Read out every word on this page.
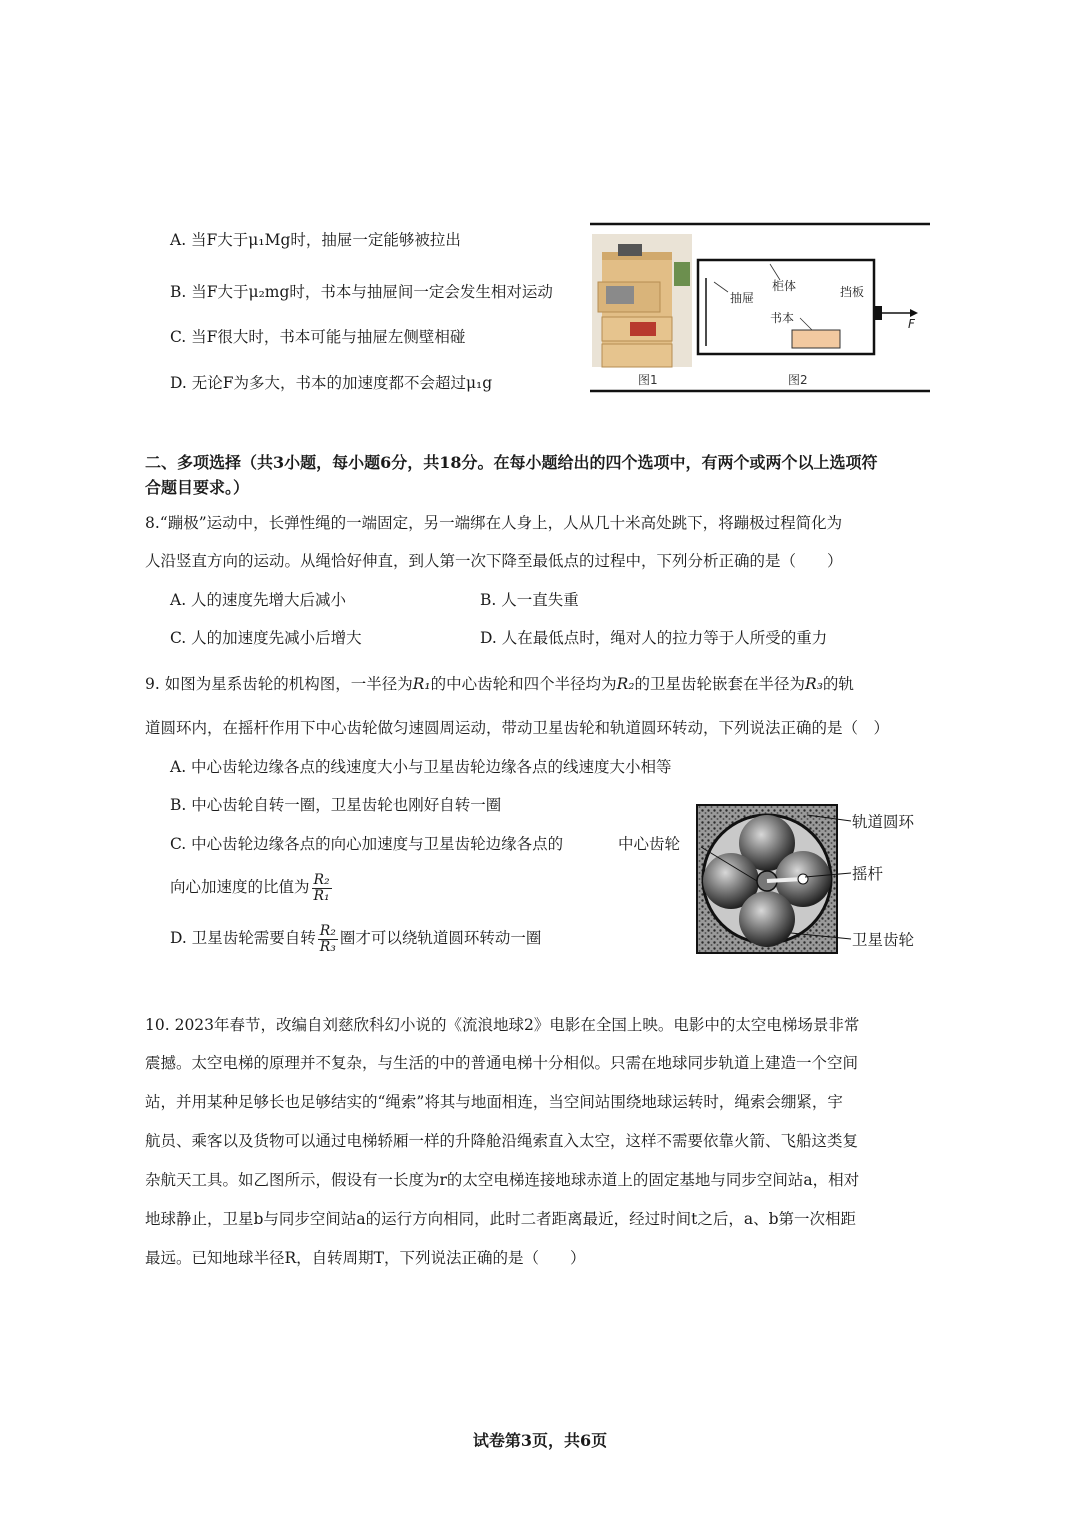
A. 当F大于μ₁Mg时，抽屉一定能够被拉出
B. 当F大于μ₂mg时，书本与抽屉间一定会发生相对运动
C. 当F很大时，书本可能与抽屉左侧壁相碰
D. 无论F为多大，书本的加速度都不会超过μ₁g
抽屉
柜体	挡板
书本	F
图1	图2
二、多项选择（共3小题，每小题6分，共18分。在每小题给出的四个选项中，有两个或两个以上选项符
合题目要求。）
8.“蹦极”运动中，长弹性绳的一端固定，另一端绑在人身上，人从几十米高处跳下，将蹦极过程简化为
人沿竖直方向的运动。从绳恰好伸直，到人第一次下降至最低点的过程中，下列分析正确的是（　　）
A. 人的速度先增大后减小	B. 人一直失重
C. 人的加速度先减小后增大	D. 人在最低点时，绳对人的拉力等于人所受的重力
9. 如图为星系齿轮的机构图，一半径为R₁的中心齿轮和四个半径均为R₂的卫星齿轮嵌套在半径为R₃的轨
道圆环内，在摇杆作用下中心齿轮做匀速圆周运动，带动卫星齿轮和轨道圆环转动，下列说法正确的是（　）
A. 中心齿轮边缘各点的线速度大小与卫星齿轮边缘各点的线速度大小相等
B. 中心齿轮自转一圈，卫星齿轮也刚好自转一圈
C. 中心齿轮边缘各点的向心加速度与卫星齿轮边缘各点的
向心加速度的比值为 $\frac{\text{R₂}}{\text{R₁}}$
D. 卫星齿轮需要自转 $\frac{\text{R₂}}{\text{R₃}}$ 圈才可以绕轨道圆环转动一圈
中心齿轮
轨道圆环
摇杆
卫星齿轮
10. 2023年春节，改编自刘慈欣科幻小说的《流浪地球2》电影在全国上映。电影中的太空电梯场景非常
震撼。太空电梯的原理并不复杂，与生活的中的普通电梯十分相似。只需在地球同步轨道上建造一个空间
站，并用某种足够长也足够结实的“绳索”将其与地面相连，当空间站围绕地球运转时，绳索会绷紧，宇
航员、乘客以及货物可以通过电梯轿厢一样的升降舱沿绳索直入太空，这样不需要依靠火箭、飞船这类复
杂航天工具。如乙图所示，假设有一长度为r的太空电梯连接地球赤道上的固定基地与同步空间站a，相对
地球静止，卫星b与同步空间站a的运行方向相同，此时二者距离最近，经过时间t之后，a、b第一次相距
最远。已知地球半径R，自转周期T，下列说法正确的是（　　）
试卷第3页，共6页
